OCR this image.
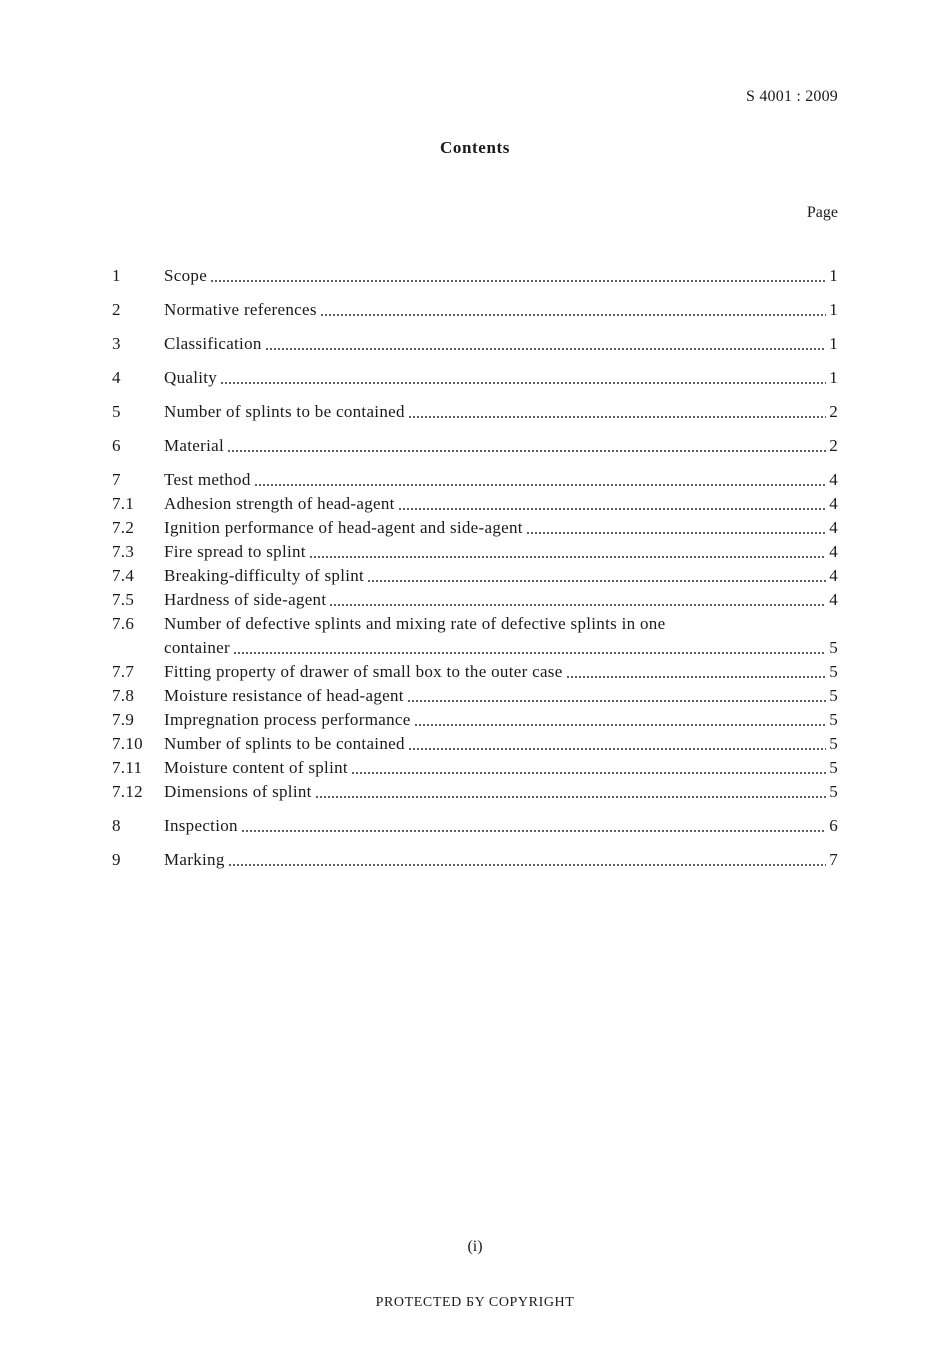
S 4001 : 2009
Contents
Page
1	Scope	1
2	Normative references	1
3	Classification	1
4	Quality	1
5	Number of splints to be contained	2
6	Material	2
7	Test method	4
7.1	Adhesion strength of head-agent	4
7.2	Ignition performance of head-agent and side-agent	4
7.3	Fire spread to splint	4
7.4	Breaking-difficulty of splint	4
7.5	Hardness of side-agent	4
7.6	Number of defective splints and mixing rate of defective splints in one
container	5
7.7	Fitting property of drawer of small box to the outer case	5
7.8	Moisture resistance of head-agent	5
7.9	Impregnation process performance	5
7.10	Number of splints to be contained	5
7.11	Moisture content of splint	5
7.12	Dimensions of splint	5
8	Inspection	6
9	Marking	7
(i)
PROTECTED БY COPYRIGHT
